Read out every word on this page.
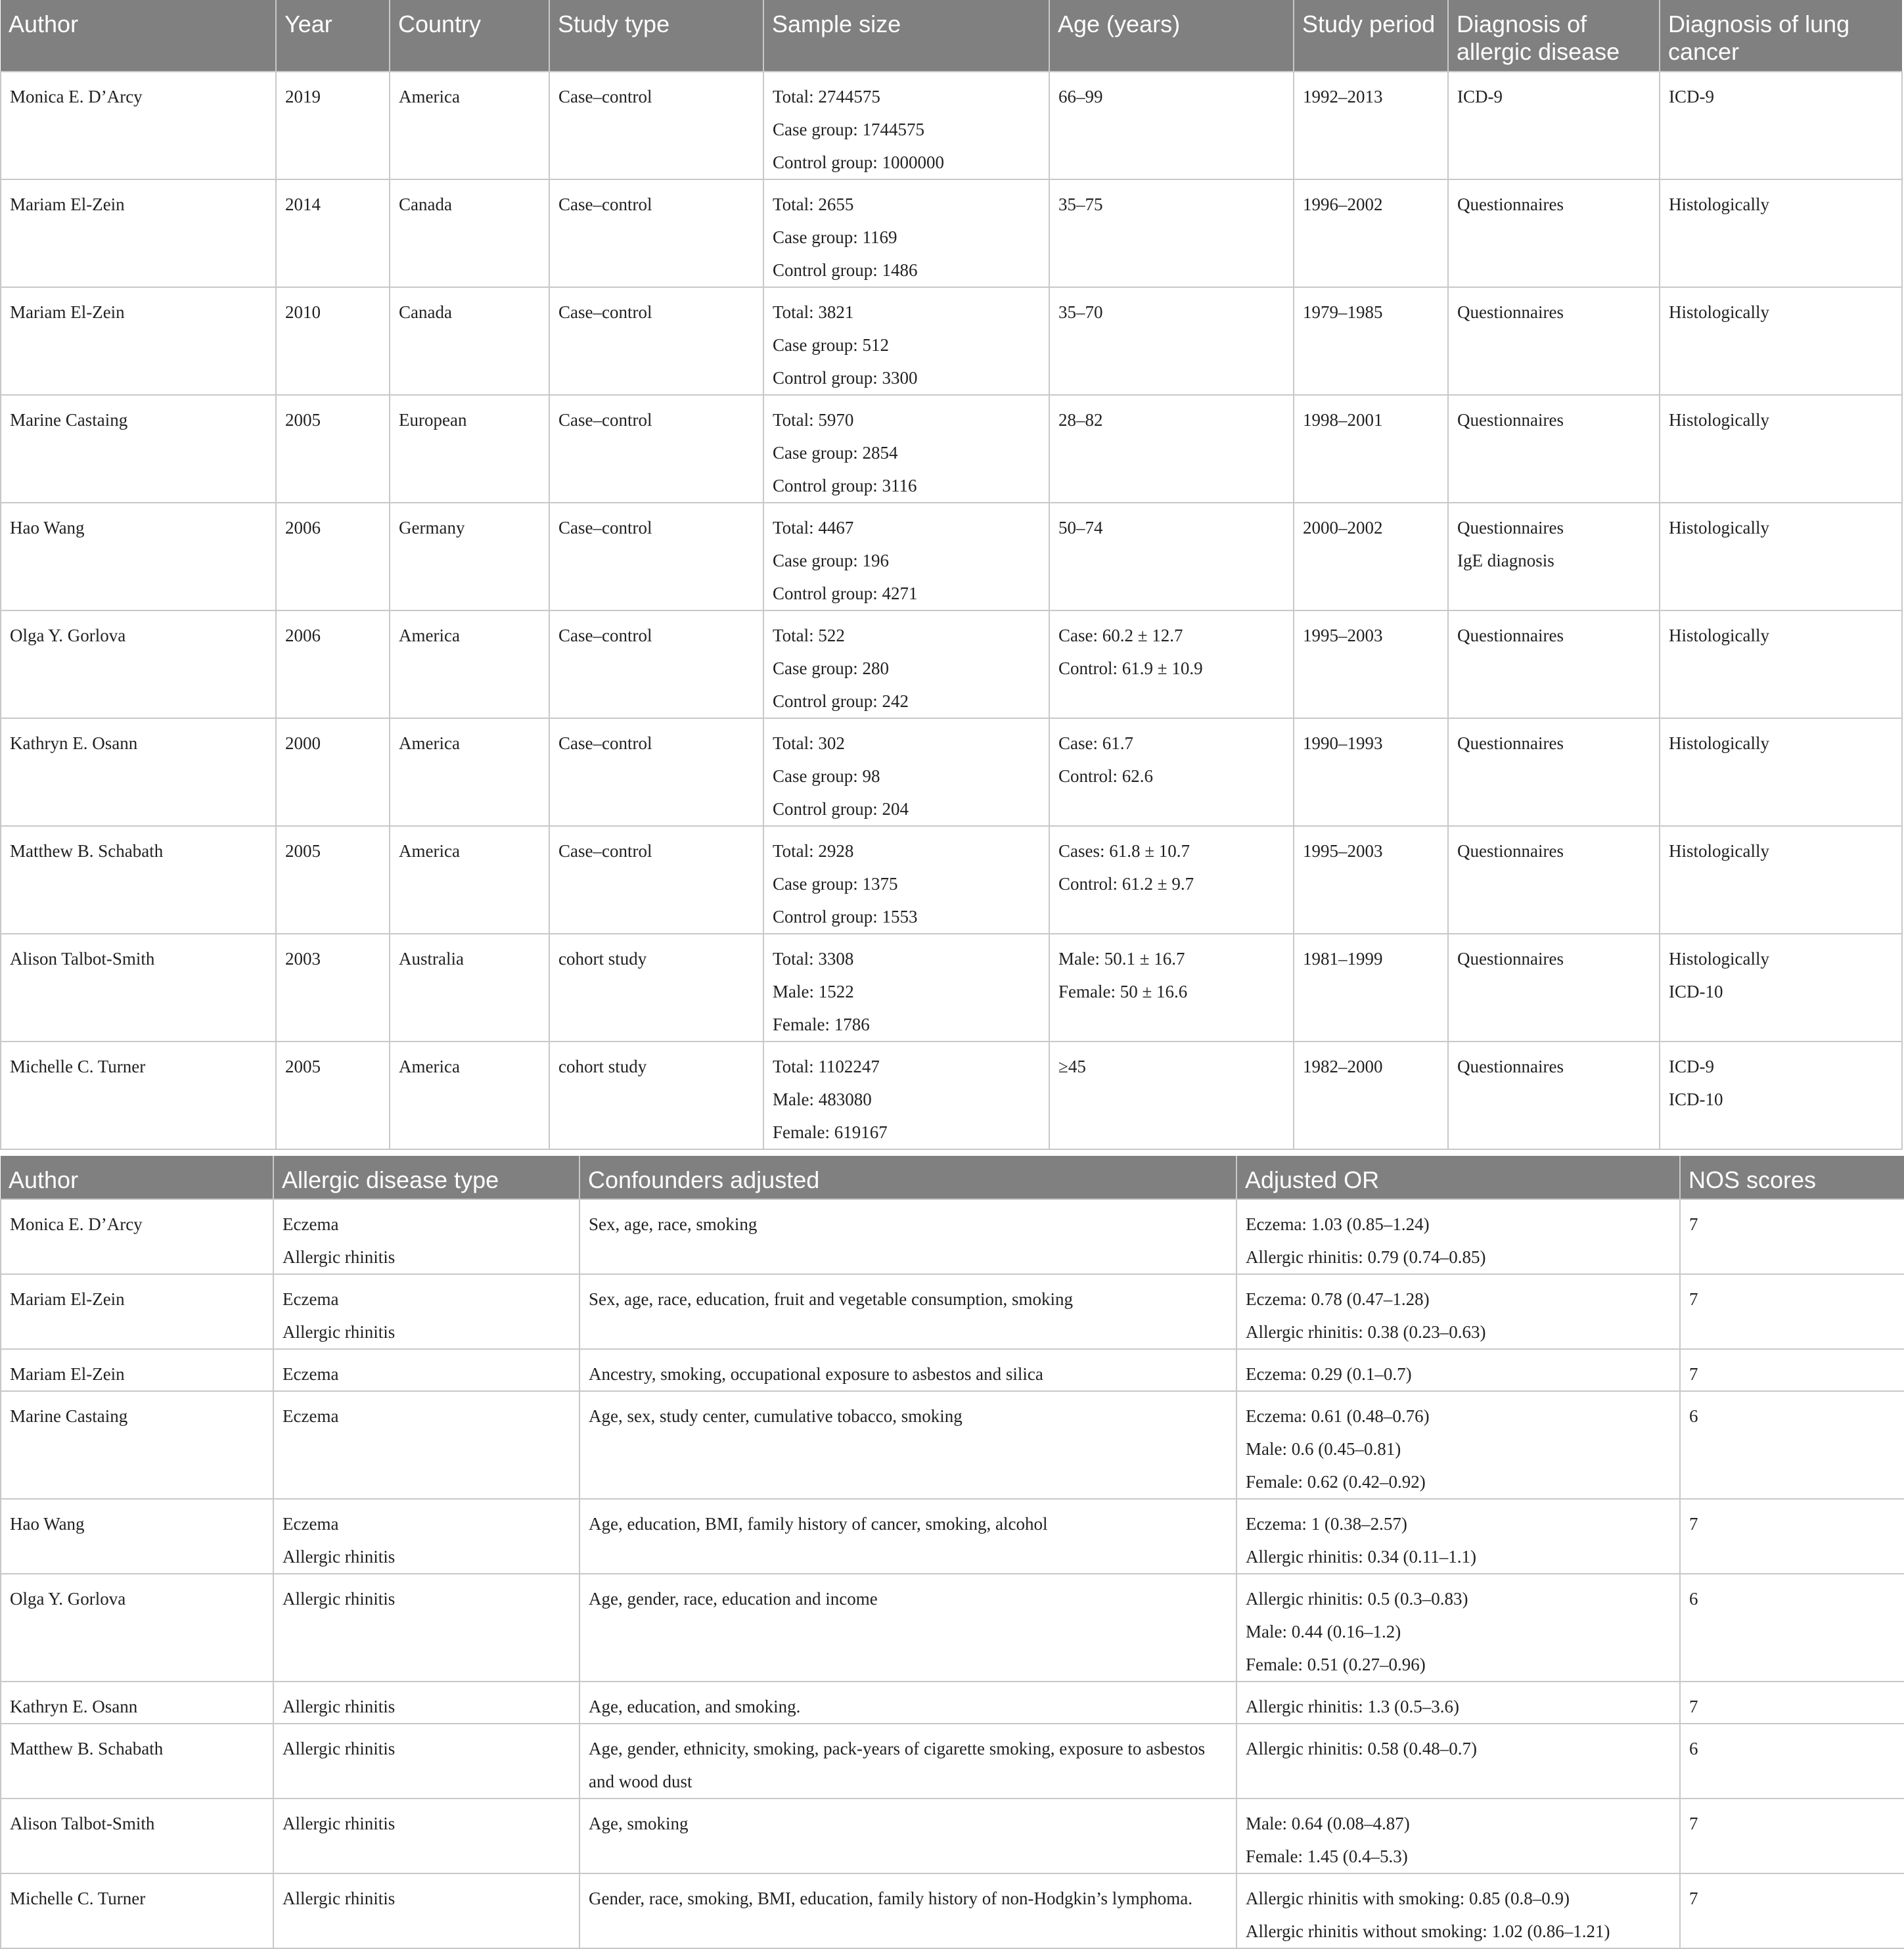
Author	Year	Country	Study type	Sample size	Age (years)	Study period	Diagnosis of allergic disease	Diagnosis of lung cancer

Monica E. D’Arcy	2019	America	Case–control	Total: 2744575
Case group: 1744575
Control group: 1000000	66–99	1992–2013	ICD-9	ICD-9

Mariam El-Zein	2014	Canada	Case–control	Total: 2655
Case group: 1169
Control group: 1486	35–75	1996–2002	Questionnaires	Histologically

Mariam El-Zein	2010	Canada	Case–control	Total: 3821
Case group: 512
Control group: 3300	35–70	1979–1985	Questionnaires	Histologically

Marine Castaing	2005	European	Case–control	Total: 5970
Case group: 2854
Control group: 3116	28–82	1998–2001	Questionnaires	Histologically

Hao Wang	2006	Germany	Case–control	Total: 4467
Case group: 196
Control group: 4271	50–74	2000–2002	Questionnaires
IgE diagnosis	Histologically

Olga Y. Gorlova	2006	America	Case–control	Total: 522
Case group: 280
Control group: 242	Case: 60.2 ± 12.7
Control: 61.9 ± 10.9	1995–2003	Questionnaires	Histologically

Kathryn E. Osann	2000	America	Case–control	Total: 302
Case group: 98
Control group: 204	Case: 61.7
Control: 62.6	1990–1993	Questionnaires	Histologically

Matthew B. Schabath	2005	America	Case–control	Total: 2928
Case group: 1375
Control group: 1553	Cases: 61.8 ± 10.7
Control: 61.2 ± 9.7	1995–2003	Questionnaires	Histologically

Alison Talbot-Smith	2003	Australia	cohort study	Total: 3308
Male: 1522
Female: 1786	Male: 50.1 ± 16.7
Female: 50 ± 16.6	1981–1999	Questionnaires	Histologically
ICD-10

Michelle C. Turner	2005	America	cohort study	Total: 1102247
Male: 483080
Female: 619167	≥45	1982–2000	Questionnaires	ICD-9
ICD-10
Author	Allergic disease type	Confounders adjusted	Adjusted OR	NOS scores

Monica E. D’Arcy	Eczema
Allergic rhinitis	Sex, age, race, smoking	Eczema: 1.03 (0.85–1.24)
Allergic rhinitis: 0.79 (0.74–0.85)	7

Mariam El-Zein	Eczema
Allergic rhinitis	Sex, age, race, education, fruit and vegetable consumption, smoking	Eczema: 0.78 (0.47–1.28)
Allergic rhinitis: 0.38 (0.23–0.63)	7

Mariam El-Zein	Eczema	Ancestry, smoking, occupational exposure to asbestos and silica	Eczema: 0.29 (0.1–0.7)	7

Marine Castaing	Eczema	Age, sex, study center, cumulative tobacco, smoking	Eczema: 0.61 (0.48–0.76)
Male: 0.6 (0.45–0.81)
Female: 0.62 (0.42–0.92)	6

Hao Wang	Eczema
Allergic rhinitis	Age, education, BMI, family history of cancer, smoking, alcohol	Eczema: 1 (0.38–2.57)
Allergic rhinitis: 0.34 (0.11–1.1)	7

Olga Y. Gorlova	Allergic rhinitis	Age, gender, race, education and income	Allergic rhinitis: 0.5 (0.3–0.83)
Male: 0.44 (0.16–1.2)
Female: 0.51 (0.27–0.96)	6

Kathryn E. Osann	Allergic rhinitis	Age, education, and smoking.	Allergic rhinitis: 1.3 (0.5–3.6)	7

Matthew B. Schabath	Allergic rhinitis	Age, gender, ethnicity, smoking, pack-years of cigarette smoking, exposure to asbestos and wood dust	Allergic rhinitis: 0.58 (0.48–0.7)	6

Alison Talbot-Smith	Allergic rhinitis	Age, smoking	Male: 0.64 (0.08–4.87)
Female: 1.45 (0.4–5.3)	7

Michelle C. Turner	Allergic rhinitis	Gender, race, smoking, BMI, education, family history of non-Hodgkin’s lymphoma.	Allergic rhinitis with smoking: 0.85 (0.8–0.9)
Allergic rhinitis without smoking: 1.02 (0.86–1.21)	7
